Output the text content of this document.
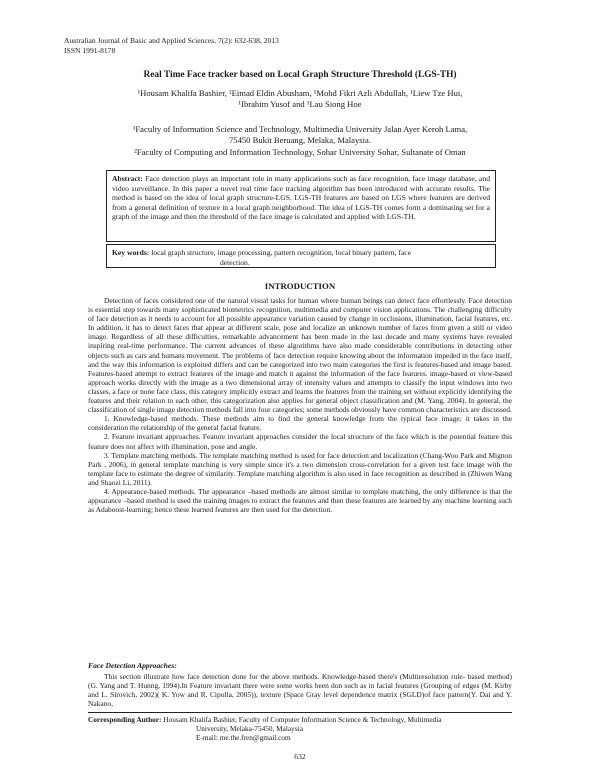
Australian Journal of Basic and Applied Sciences, 7(2): 632-638, 2013
ISSN 1991-8178
Real Time Face tracker based on Local Graph Structure Threshold (LGS-TH)
¹Housam Khalifa Bashier, ²Eimad Eldin Abusham, ¹Mohd Fikri Azli Abdullah, ¹Liew Tze Hui,
¹Ibrahim Yusof and ¹Lau Siong Hoe
¹Faculty of Information Science and Technology, Multimedia University Jalan Ayer Keroh Lama,
75450 Bukit Beruang, Melaka, Malaysia.
²Faculty of Computing and Information Technology, Sohar University Sohar, Sultanate of Oman
Abstract: Face detection plays an important role in many applications such as face recognition, face image database, and video surveillance. In this paper a novel real time face tracking algorithm has been introduced with accurate results. The method is based on the idea of local graph structure-LGS. LGS-TH features are based on LGS where features are derived from a general definition of texture in a local graph neighborhood. The idea of LGS-TH comes form a dominating set for a graph of the image and then the threshold of the face image is calculated and applied with LGS-TH.
Key words: local graph structure, image processing, pattern recognition, local binary pattern, face
detection.
INTRODUCTION

Detection of faces considered one of the natural visual tasks for human where human beings can detect face effortlessly. Face detection is essential step towards many sophisticated biometrics recognition, multimedia and computer vision applications. The challenging difficulty of face detection as it needs to account for all possible appearance variation caused by change in occlusions, illumination, facial features, etc. In addition, it has to detect faces that appear at different scale, pose and localize an unknown number of faces from given a still or video image. Regardless of all these difficulties, remarkable advancement has been made in the last decade and many systems have revealed inspiring real-time performance. The current advances of these algorithms have also made considerable contributions in detecting other objects such as cars and humans movement. The problems of face detection require knowing about the information impeded in the face itself, and the way this information is exploited differs and can be categorized into two main categories the first is features-based and image based. Features-based attempt to extract features of the image and match it against the information of the face features. image-based or view-based approach works directly with the image as a two dimensional array of intensity values and attempts to classify the input windows into two classes, a face or none face class, this category implicitly extract and learns the features from the training set without explicitly identifying the features and their relation to each other, this categorization also applies for general object classification and (M. Yang, 2004). In general, the classification of single image detection methods fall into four categories; some methods obviously have common characteristics are discussed.

1. Knowledge-based methods. These methods aim to find the general knowledge from the typical face image; it takes in the consideration the relationship of the general facial feature.

2. Feature invariant approaches. Feature invariant approaches consider the local structure of the face which is the potential feature this feature does not affect with illumination, pose and angle.

3. Template matching methods. The template matching method is used for face detection and localization (Chang-Woo Park and Mignon Park , 2006), in general template matching is very simple since it's a two dimension cross-correlation for a given test face image with the template face to estimate the degree of similarity. Template matching algorithm is also used in face recognition as described in (Zhiwen Wang and Shaozi Li, 2011).

4. Appearance-based methods. The appearance –based methods are almost similar to template matching, the only difference is that the appearance –based method is used the training images to extract the features and then these features are learned by any machine learning such as Adaboost-learning; hence these learned features are then used for the detection.

Face Detection Approaches:

This section illustrate how face detection done for the above methods. Knowledge-based there's (Multiresolution rule- based method) (G. Yang and T. Hunng, 1994).In Feature invariant there were some works been don such as in facial features (Grouping of edges (M. Kirby and L. Sirovich, 2002)( K. Yow and R. Cipolla, 2005)), texture (Space Gray level dependence matrix (SGLD)of face pattern(Y. Dai and Y. Nakano,

Corresponding Author: Housam Khalifa Bashier, Faculty of Computer Information Science & Technology, Multimedia
University, Melaka-75450, Malaysia
E-mail: me.the.fren@gmail.com
632
